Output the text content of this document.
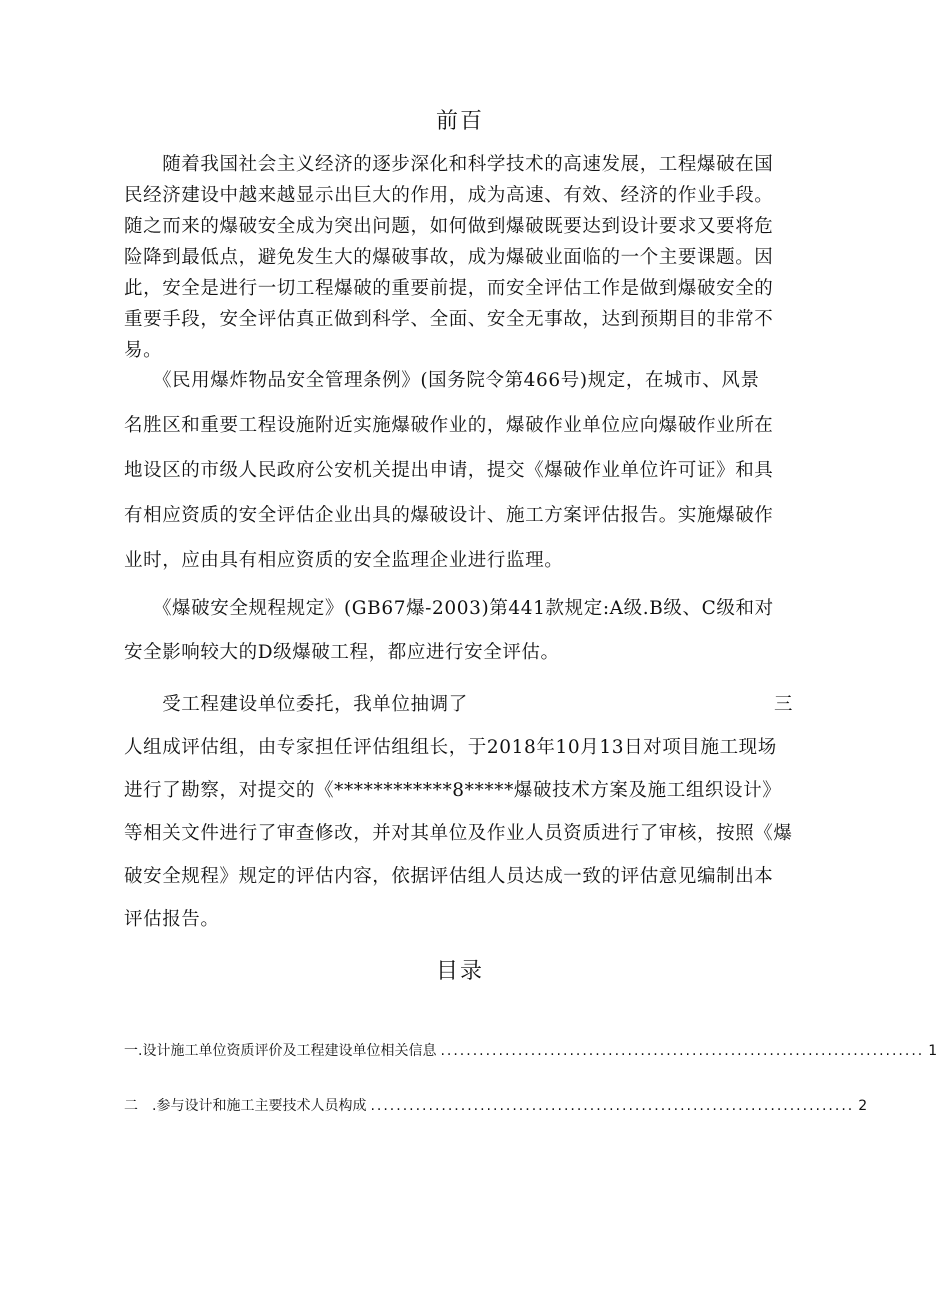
前百
　　随着我国社会主义经济的逐步深化和科学技术的高速发展，工程爆破在国
民经济建设中越来越显示出巨大的作用，成为高速、有效、经济的作业手段。
随之而来的爆破安全成为突出问题，如何做到爆破既要达到设计要求又要将危
险降到最低点，避免发生大的爆破事故，成为爆破业面临的一个主要课题。因
此，安全是进行一切工程爆破的重要前提，而安全评估工作是做到爆破安全的
重要手段，安全评估真正做到科学、全面、安全无事故，达到预期目的非常不
易。
　　《民用爆炸物品安全管理条例》(国务院令第466号)规定，在城市、风景
名胜区和重要工程设施附近实施爆破作业的，爆破作业单位应向爆破作业所在
地设区的市级人民政府公安机关提出申请，提交《爆破作业单位许可证》和具
有相应资质的安全评估企业出具的爆破设计、施工方案评估报告。实施爆破作
业时，应由具有相应资质的安全监理企业进行监理。
　　《爆破安全规程规定》(GB67爆-2003)第441款规定:A级.B级、C级和对
安全影响较大的D级爆破工程，都应进行安全评估。
　　受工程建设单位委托，我单位抽调了	三
人组成评估组，由专家担任评估组组长，于2018年10月13日对项目施工现场
进行了勘察，对提交的《************8*****爆破技术方案及施工组织设计》
等相关文件进行了审查修改，并对其单位及作业人员资质进行了审核，按照《爆
破安全规程》规定的评估内容，依据评估组人员达成一致的评估意见编制出本
评估报告。
目录
一.设计施工单位资质评价及工程建设单位相关信息 ........................................................................... 1
二　.参与设计和施工主要技术人员构成 ........................................................................... 2
